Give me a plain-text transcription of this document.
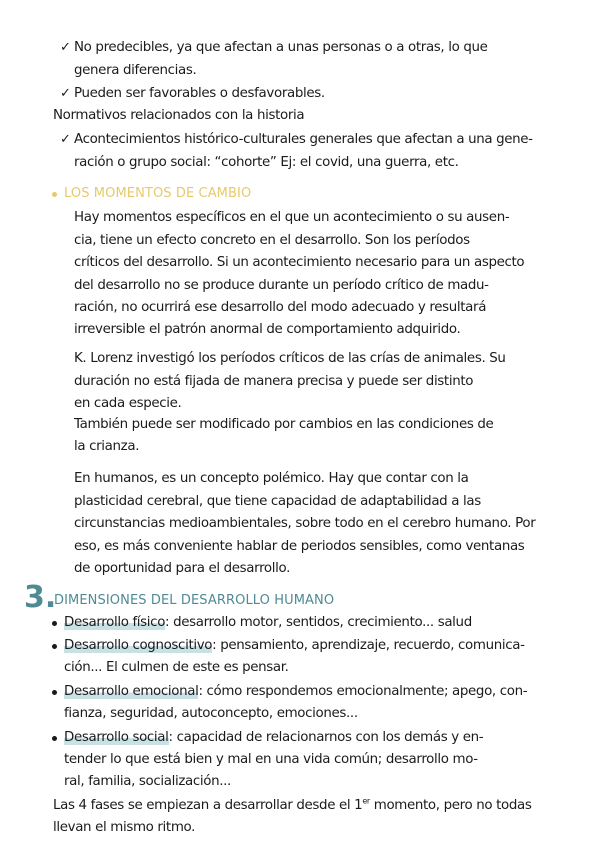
✓ No predecibles, ya que afectan a unas personas o a otras, lo que
genera diferencias.
✓ Pueden ser favorables o desfavorables.
Normativos relacionados con la historia
✓ Acontecimientos histórico-culturales generales que afectan a una gene-
ración o grupo social: “cohorte” Ej: el covid, una guerra, etc.
LOS MOMENTOS DE CAMBIO
Hay momentos específicos en el que un acontecimiento o su ausen-
cia, tiene un efecto concreto en el desarrollo. Son los períodos
críticos del desarrollo. Si un acontecimiento necesario para un aspecto
del desarrollo no se produce durante un período crítico de madu-
ración, no ocurrirá ese desarrollo del modo adecuado y resultará
irreversible el patrón anormal de comportamiento adquirido.
K. Lorenz investigó los períodos críticos de las crías de animales. Su
duración no está fijada de manera precisa y puede ser distinto
en cada especie.
También puede ser modificado por cambios en las condiciones de
la crianza.
En humanos, es un concepto polémico. Hay que contar con la
plasticidad cerebral, que tiene capacidad de adaptabilidad a las
circunstancias medioambientales, sobre todo en el cerebro humano. Por
eso, es más conveniente hablar de periodos sensibles, como ventanas
de oportunidad para el desarrollo.
3.
DIMENSIONES DEL DESARROLLO HUMANO
Desarrollo físico: desarrollo motor, sentidos, crecimiento... salud
Desarrollo cognoscitivo: pensamiento, aprendizaje, recuerdo, comunica-
ción... El culmen de este es pensar.
Desarrollo emocional: cómo respondemos emocionalmente; apego, con-
fianza, seguridad, autoconcepto, emociones...
Desarrollo social: capacidad de relacionarnos con los demás y en-
tender lo que está bien y mal en una vida común; desarrollo mo-
ral, familia, socialización...
Las 4 fases se empiezan a desarrollar desde el 1er momento, pero no todas
llevan el mismo ritmo.
